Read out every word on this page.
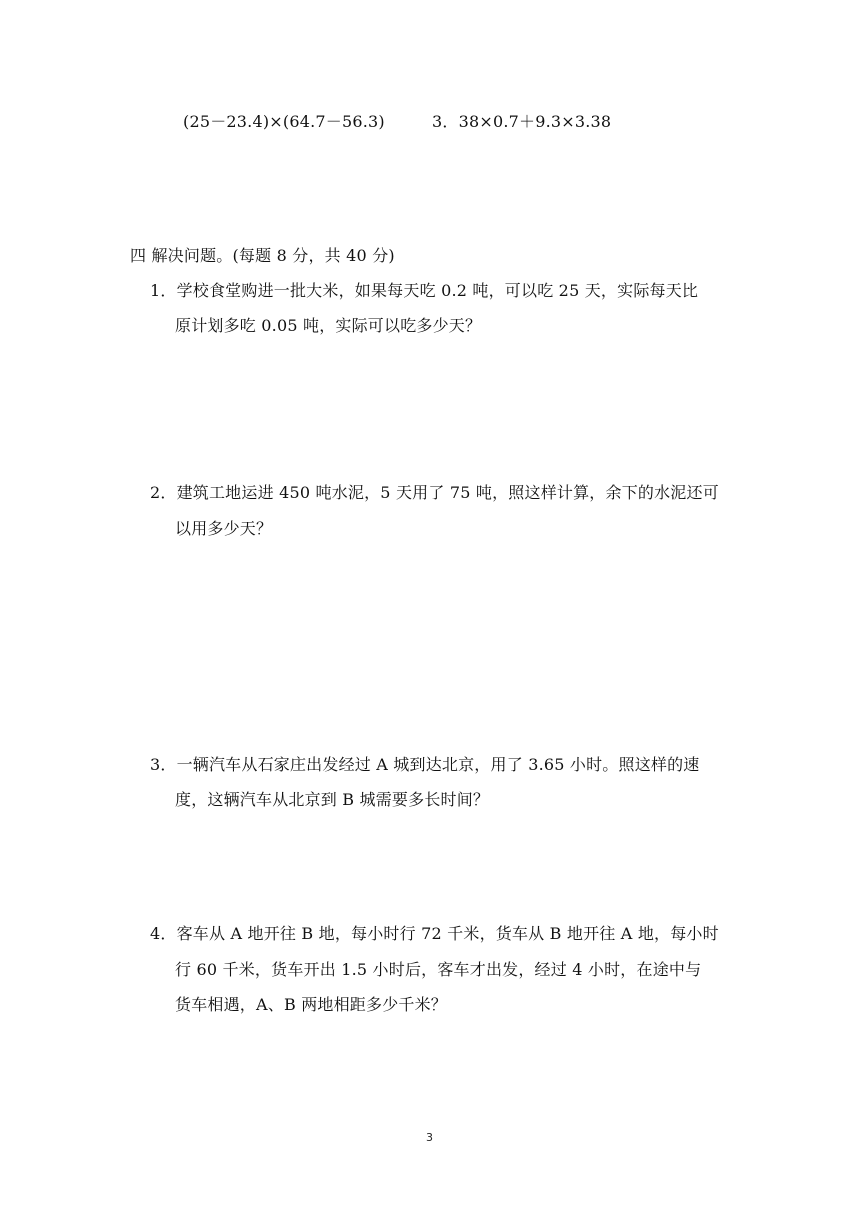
(25－23.4)×(64.7－56.3)	3．38×0.7＋9.3×3.38
四 解决问题。(每题 8 分，共 40 分)
1．学校食堂购进一批大米，如果每天吃 0.2 吨，可以吃 25 天，实际每天比
原计划多吃 0.05 吨，实际可以吃多少天？
2．建筑工地运进 450 吨水泥，5 天用了 75 吨，照这样计算，余下的水泥还可
以用多少天？
3．一辆汽车从石家庄出发经过 A 城到达北京，用了 3.65 小时。照这样的速
度，这辆汽车从北京到 B 城需要多长时间？
4．客车从 A 地开往 B 地，每小时行 72 千米，货车从 B 地开往 A 地，每小时
行 60 千米，货车开出 1.5 小时后，客车才出发，经过 4 小时，在途中与
货车相遇，A、B 两地相距多少千米？
3
